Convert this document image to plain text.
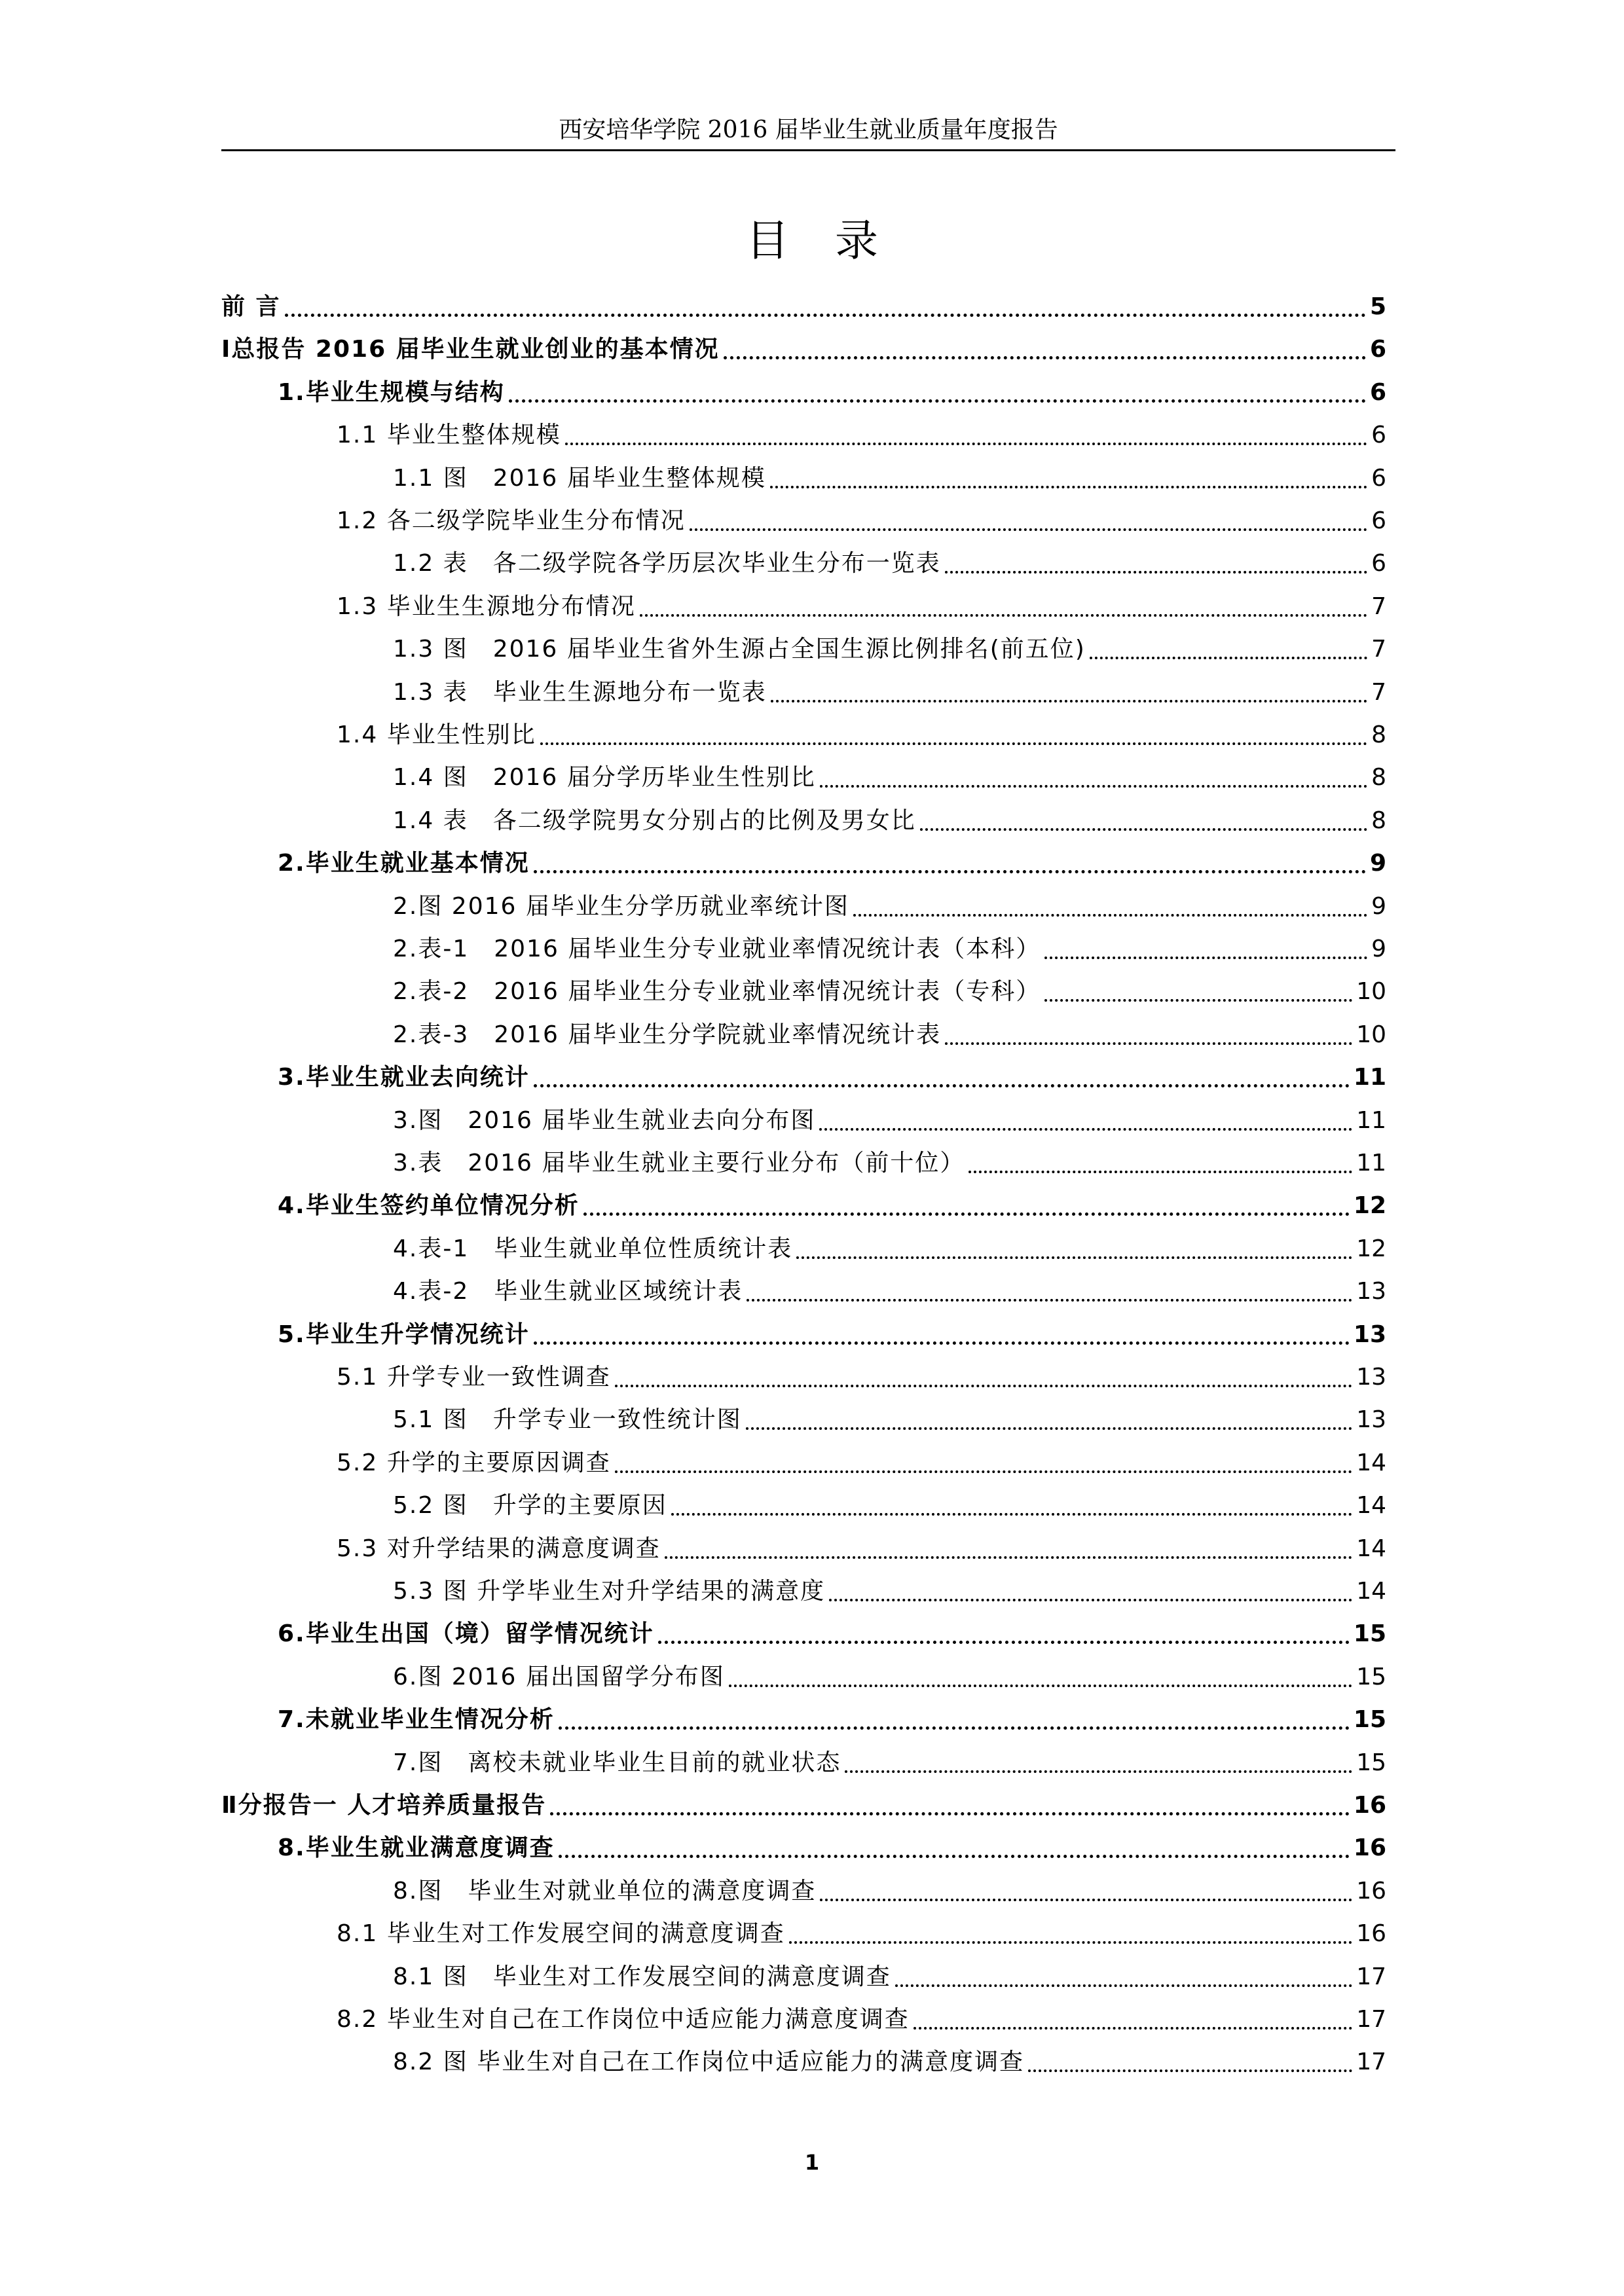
西安培华学院 2016 届毕业生就业质量年度报告
目录
前 言	5
Ⅰ总报告 2016 届毕业生就业创业的基本情况	6
1.毕业生规模与结构	6
1.1 毕业生整体规模	6
1.1 图　2016 届毕业生整体规模	6
1.2 各二级学院毕业生分布情况	6
1.2 表　各二级学院各学历层次毕业生分布一览表	6
1.3 毕业生生源地分布情况	7
1.3 图　2016 届毕业生省外生源占全国生源比例排名(前五位)	7
1.3 表　毕业生生源地分布一览表	7
1.4 毕业生性别比	8
1.4 图　2016 届分学历毕业生性别比	8
1.4 表　各二级学院男女分别占的比例及男女比	8
2.毕业生就业基本情况	9
2.图 2016 届毕业生分学历就业率统计图	9
2.表-1　2016 届毕业生分专业就业率情况统计表（本科）	9
2.表-2　2016 届毕业生分专业就业率情况统计表（专科）	10
2.表-3　2016 届毕业生分学院就业率情况统计表	10
3.毕业生就业去向统计	11
3.图　2016 届毕业生就业去向分布图	11
3.表　2016 届毕业生就业主要行业分布（前十位）	11
4.毕业生签约单位情况分析	12
4.表-1　毕业生就业单位性质统计表	12
4.表-2　毕业生就业区域统计表	13
5.毕业生升学情况统计	13
5.1 升学专业一致性调查	13
5.1 图　升学专业一致性统计图	13
5.2 升学的主要原因调查	14
5.2 图　升学的主要原因	14
5.3 对升学结果的满意度调查	14
5.3 图 升学毕业生对升学结果的满意度	14
6.毕业生出国（境）留学情况统计	15
6.图 2016 届出国留学分布图	15
7.未就业毕业生情况分析	15
7.图　离校未就业毕业生目前的就业状态	15
Ⅱ分报告一 人才培养质量报告	16
8.毕业生就业满意度调查	16
8.图　毕业生对就业单位的满意度调查	16
8.1 毕业生对工作发展空间的满意度调查	16
8.1 图　毕业生对工作发展空间的满意度调查	17
8.2 毕业生对自己在工作岗位中适应能力满意度调查	17
8.2 图 毕业生对自己在工作岗位中适应能力的满意度调查	17
1
